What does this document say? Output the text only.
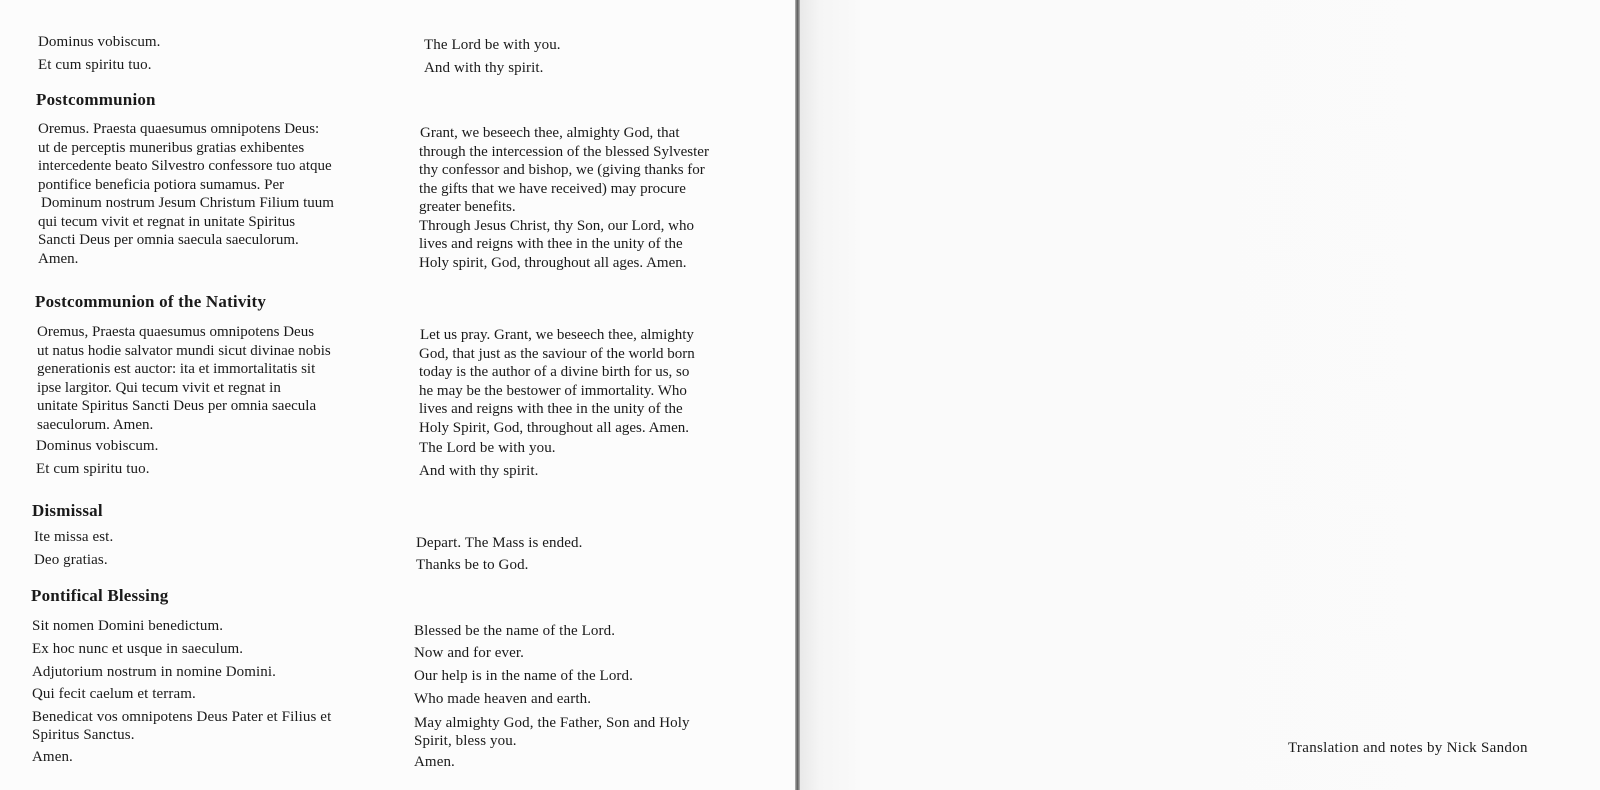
Dominus vobiscum.
Et cum spiritu tuo.
The Lord be with you.
And with thy spirit.
Postcommunion
Oremus. Praesta quaesumus omnipotens Deus:
ut de perceptis muneribus gratias exhibentes
intercedente beato Silvestro confessore tuo atque
pontifice beneficia potiora sumamus. Per
Dominum nostrum Jesum Christum Filium tuum
qui tecum vivit et regnat in unitate Spiritus
Sancti Deus per omnia saecula saeculorum.
Amen.
Grant, we beseech thee, almighty God, that
through the intercession of the blessed Sylvester
thy confessor and bishop, we (giving thanks for
the gifts that we have received) may procure
greater benefits.
Through Jesus Christ, thy Son, our Lord, who
lives and reigns with thee in the unity of the
Holy spirit, God, throughout all ages. Amen.
Postcommunion of the Nativity
Oremus, Praesta quaesumus omnipotens Deus
ut natus hodie salvator mundi sicut divinae nobis
generationis est auctor: ita et immortalitatis sit
ipse largitor. Qui tecum vivit et regnat in
unitate Spiritus Sancti Deus per omnia saecula
saeculorum. Amen.
Dominus vobiscum.
Et cum spiritu tuo.
Let us pray. Grant, we beseech thee, almighty
God, that just as the saviour of the world born
today is the author of a divine birth for us, so
he may be the bestower of immortality. Who
lives and reigns with thee in the unity of the
Holy Spirit, God, throughout all ages. Amen.
The Lord be with you.
And with thy spirit.
Dismissal
Ite missa est.
Deo gratias.
Depart. The Mass is ended.
Thanks be to God.
Pontifical Blessing
Sit nomen Domini benedictum.
Ex hoc nunc et usque in saeculum.
Adjutorium nostrum in nomine Domini.
Qui fecit caelum et terram.
Benedicat vos omnipotens Deus Pater et Filius et
Spiritus Sanctus.
Amen.
Blessed be the name of the Lord.
Now and for ever.
Our help is in the name of the Lord.
Who made heaven and earth.
May almighty God, the Father, Son and Holy
Spirit, bless you.
Amen.
Translation and notes by Nick Sandon
